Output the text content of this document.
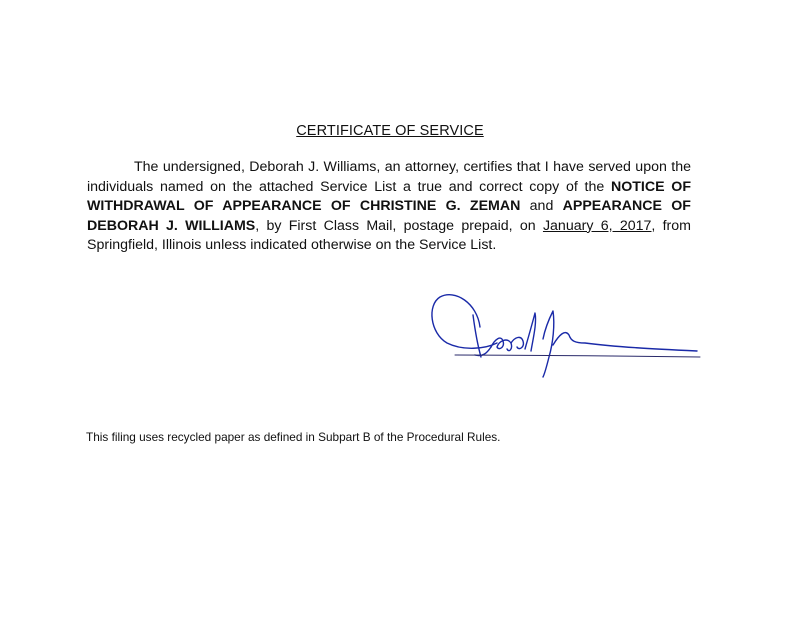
CERTIFICATE OF SERVICE
The undersigned, Deborah J. Williams, an attorney, certifies that I have served upon the individuals named on the attached Service List a true and correct copy of the NOTICE OF WITHDRAWAL OF APPEARANCE OF CHRISTINE G. ZEMAN and APPEARANCE OF DEBORAH J. WILLIAMS, by First Class Mail, postage prepaid, on January 6, 2017, from Springfield, Illinois unless indicated otherwise on the Service List.
This filing uses recycled paper as defined in Subpart B of the Procedural Rules.
